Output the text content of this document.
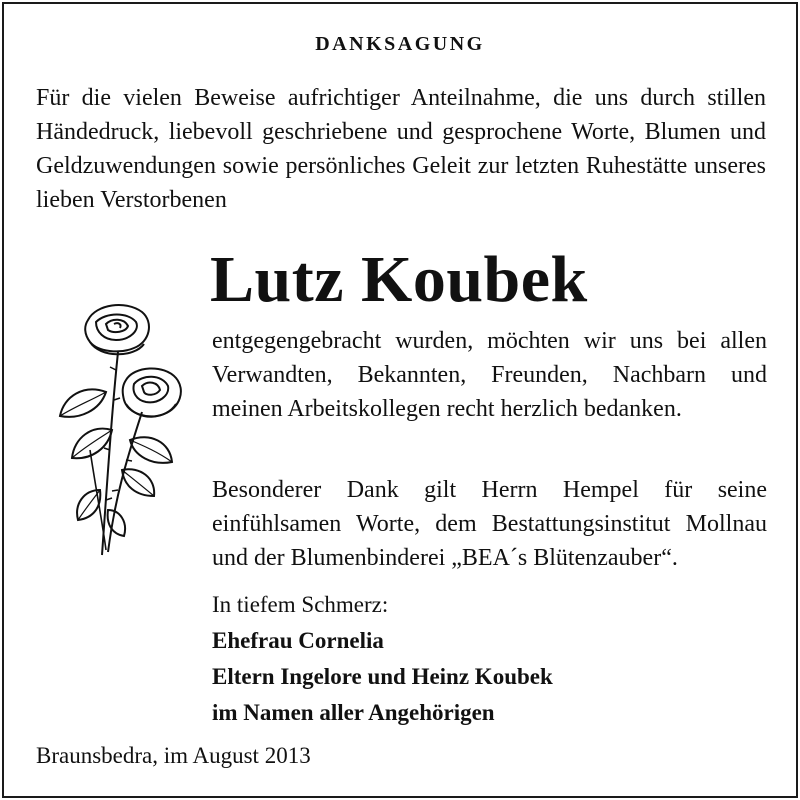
DANKSAGUNG

Für die vielen Beweise aufrichtiger Anteilnahme, die uns durch stillen Händedruck, liebevoll geschriebene und gesprochene Worte, Blumen und Geldzuwendungen sowie persönliches Geleit zur letzten Ruhestätte unseres lieben Verstorbenen

Lutz Koubek

entgegengebracht wurden, möchten wir uns bei allen Verwandten, Bekannten, Freunden, Nachbarn und meinen Arbeitskollegen recht herzlich bedanken.

Besonderer Dank gilt Herrn Hempel für seine einfühlsamen Worte, dem Bestattungsinstitut Mollnau und der Blumenbinderei „BEA´s Blütenzauber“.

In tiefem Schmerz:
Ehefrau Cornelia
Eltern Ingelore und Heinz Koubek
im Namen aller Angehörigen
Braunsbedra, im August 2013
